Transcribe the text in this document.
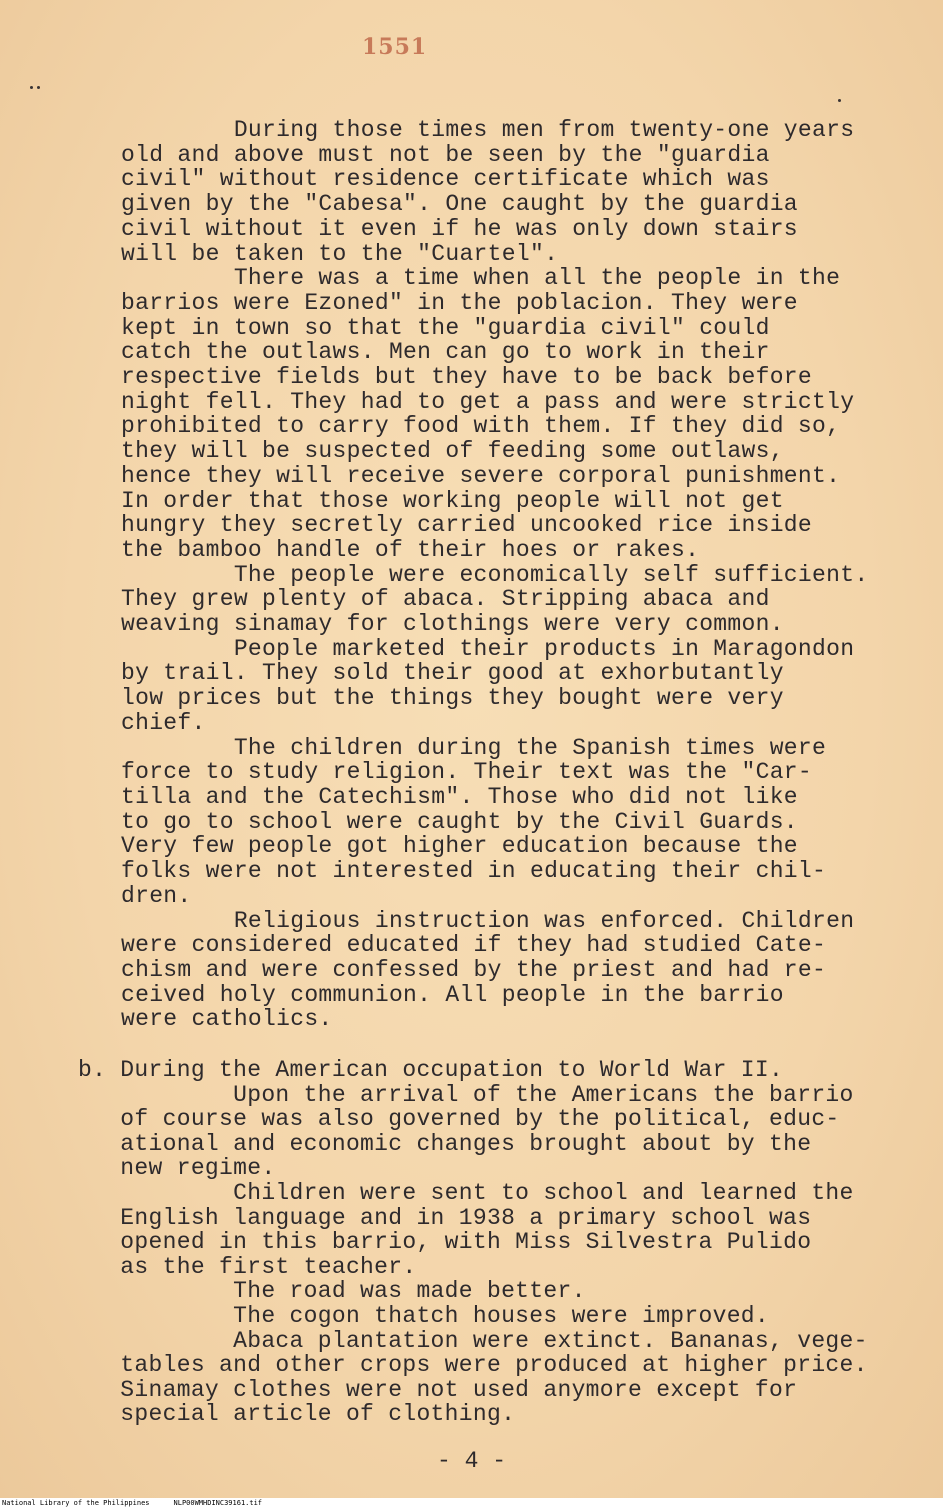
1551
During those times men from twenty-one years
old and above must not be seen by the "guardia
civil" without residence certificate which was
given by the "Cabesa". One caught by the guardia
civil without it even if he was only down stairs
will be taken to the "Cuartel".
There was a time when all the people in the
barrios were Ezoned" in the poblacion. They were
kept in town so that the "guardia civil" could
catch the outlaws. Men can go to work in their
respective fields but they have to be back before
night fell. They had to get a pass and were strictly
prohibited to carry food with them. If they did so,
they will be suspected of feeding some outlaws,
hence they will receive severe corporal punishment.
In order that those working people will not get
hungry they secretly carried uncooked rice inside
the bamboo handle of their hoes or rakes.
The people were economically self sufficient.
They grew plenty of abaca. Stripping abaca and
weaving sinamay for clothings were very common.
People marketed their products in Maragondon
by trail. They sold their good at exhorbutantly
low prices but the things they bought were very
chief.
The children during the Spanish times were
force to study religion. Their text was the "Car-
tilla and the Catechism". Those who did not like
to go to school were caught by the Civil Guards.
Very few people got higher education because the
folks were not interested in educating their chil-
dren.
Religious instruction was enforced. Children
were considered educated if they had studied Cate-
chism and were confessed by the priest and had re-
ceived holy communion. All people in the barrio
were catholics.
b. During the American occupation to World War II.
Upon the arrival of the Americans the barrio
of course was also governed by the political, educ-
ational and economic changes brought about by the
new regime.
Children were sent to school and learned the
English language and in 1938 a primary school was
opened in this barrio, with Miss Silvestra Pulido
as the first teacher.
The road was made better.
The cogon thatch houses were improved.
Abaca plantation were extinct. Bananas, vege-
tables and other crops were produced at higher price.
Sinamay clothes were not used anymore except for
special article of clothing.
- 4 -
National Library of the Philippines	NLP00WMHDINC39161.tif
